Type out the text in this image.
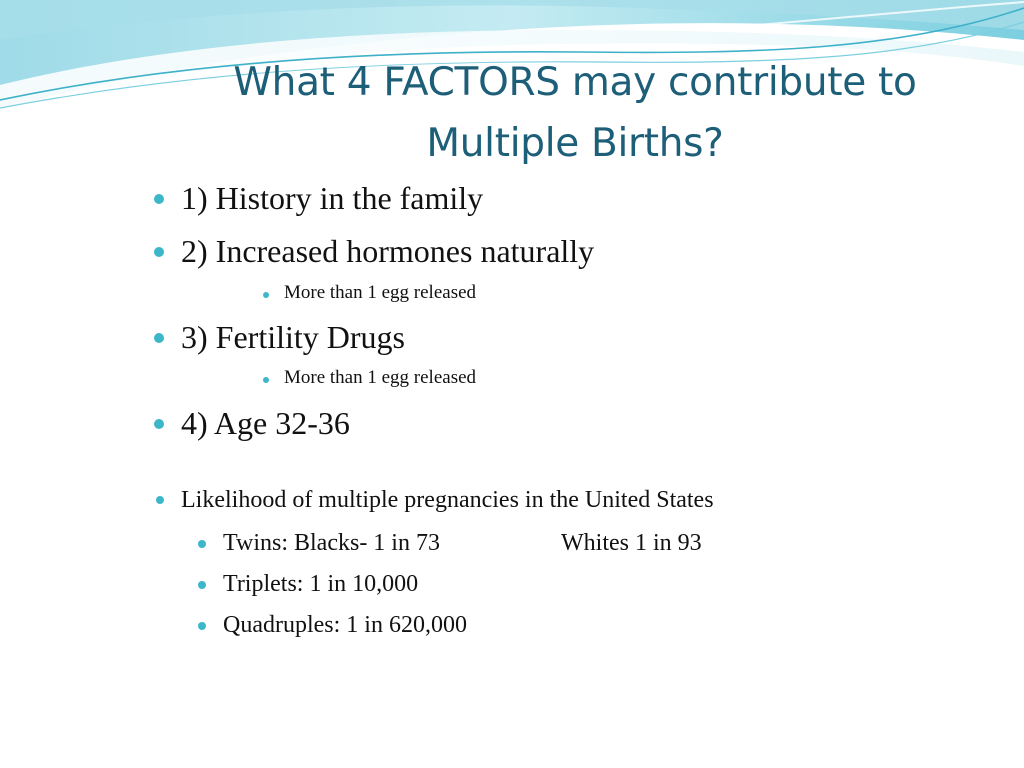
What 4 FACTORS may contribute to
Multiple Births?
1) History in the family
2) Increased hormones naturally
More than 1 egg released
3) Fertility Drugs
More than 1 egg released
4) Age 32-36
Likelihood of multiple pregnancies in the United States
Twins: Blacks- 1 in 73	Whites 1 in 93
Triplets: 1 in 10,000
Quadruples: 1 in 620,000
